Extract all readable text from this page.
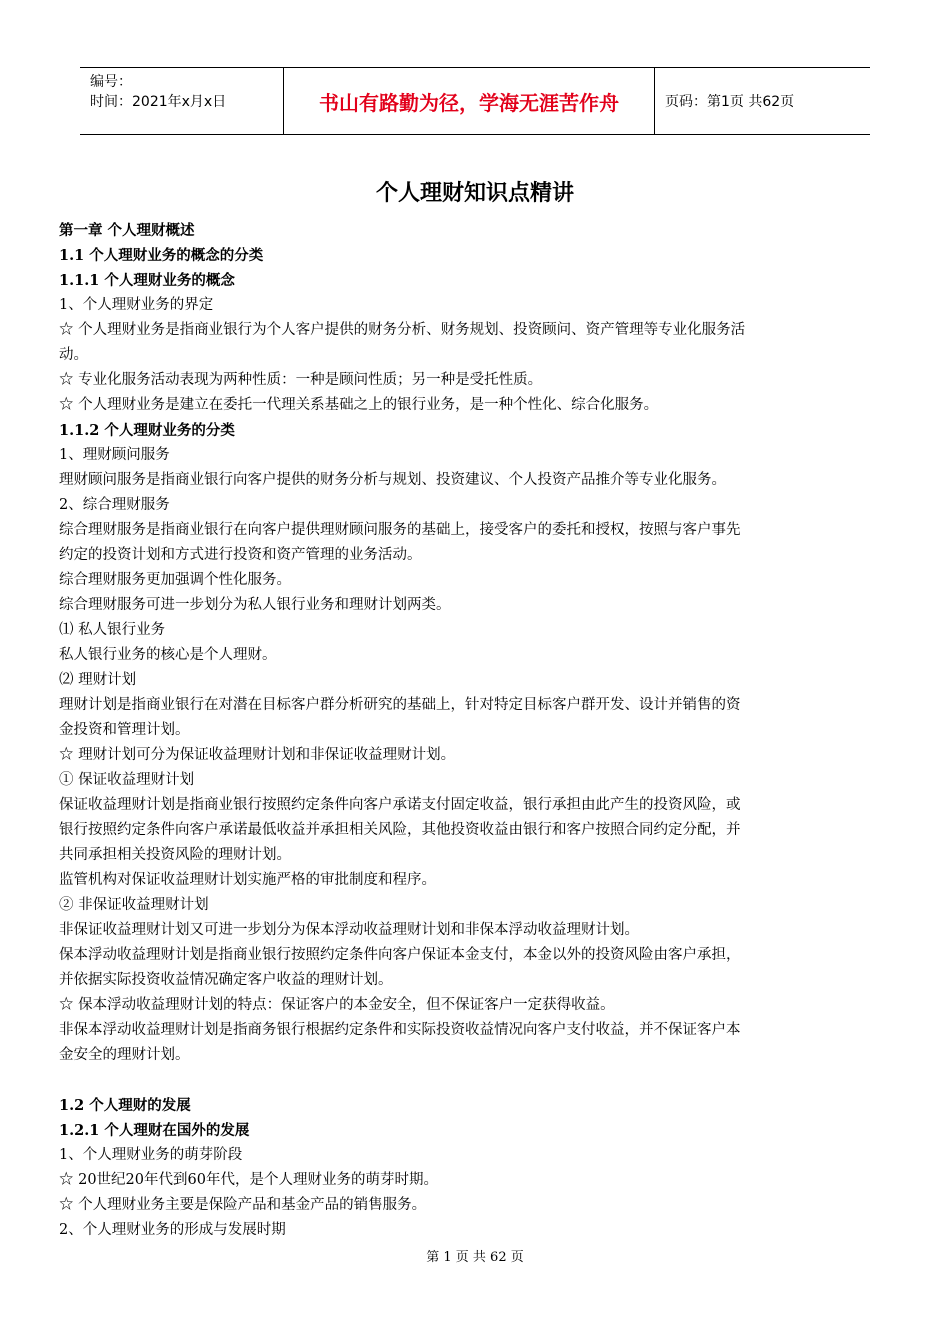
编号：
时间：2021年x月x日	书山有路勤为径，学海无涯苦作舟	页码：第1页 共62页
个人理财知识点精讲
第一章 个人理财概述
1.1 个人理财业务的概念的分类
1.1.1 个人理财业务的概念
1、个人理财业务的界定
☆ 个人理财业务是指商业银行为个人客户提供的财务分析、财务规划、投资顾问、资产管理等专业化服务活
动。
☆ 专业化服务活动表现为两种性质：一种是顾问性质；另一种是受托性质。
☆ 个人理财业务是建立在委托一代理关系基础之上的银行业务，是一种个性化、综合化服务。
1.1.2 个人理财业务的分类
1、理财顾问服务
理财顾问服务是指商业银行向客户提供的财务分析与规划、投资建议、个人投资产品推介等专业化服务。
2、综合理财服务
综合理财服务是指商业银行在向客户提供理财顾问服务的基础上，接受客户的委托和授权，按照与客户事先
约定的投资计划和方式进行投资和资产管理的业务活动。
综合理财服务更加强调个性化服务。
综合理财服务可进一步划分为私人银行业务和理财计划两类。
⑴ 私人银行业务
私人银行业务的核心是个人理财。
⑵ 理财计划
理财计划是指商业银行在对潜在目标客户群分析研究的基础上，针对特定目标客户群开发、设计并销售的资
金投资和管理计划。
☆ 理财计划可分为保证收益理财计划和非保证收益理财计划。
① 保证收益理财计划
保证收益理财计划是指商业银行按照约定条件向客户承诺支付固定收益，银行承担由此产生的投资风险，或
银行按照约定条件向客户承诺最低收益并承担相关风险，其他投资收益由银行和客户按照合同约定分配，并
共同承担相关投资风险的理财计划。
监管机构对保证收益理财计划实施严格的审批制度和程序。
② 非保证收益理财计划
非保证收益理财计划又可进一步划分为保本浮动收益理财计划和非保本浮动收益理财计划。
保本浮动收益理财计划是指商业银行按照约定条件向客户保证本金支付，本金以外的投资风险由客户承担，
并依据实际投资收益情况确定客户收益的理财计划。
☆ 保本浮动收益理财计划的特点：保证客户的本金安全，但不保证客户一定获得收益。
非保本浮动收益理财计划是指商务银行根据约定条件和实际投资收益情况向客户支付收益，并不保证客户本
金安全的理财计划。
1.2 个人理财的发展
1.2.1 个人理财在国外的发展
1、个人理财业务的萌芽阶段
☆ 20世纪20年代到60年代，是个人理财业务的萌芽时期。
☆ 个人理财业务主要是保险产品和基金产品的销售服务。
2、个人理财业务的形成与发展时期
第 1 页 共 62 页
